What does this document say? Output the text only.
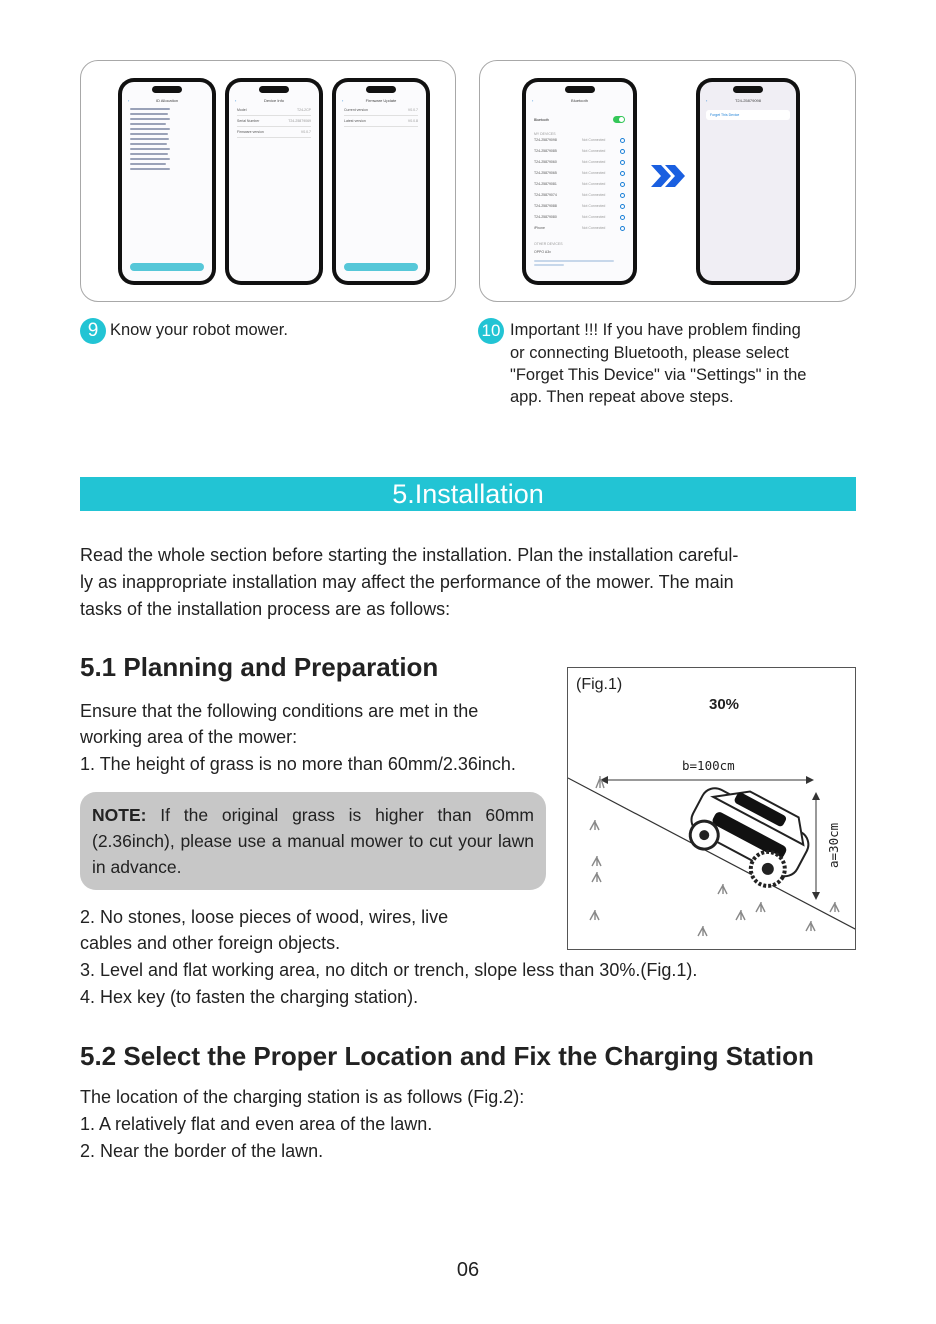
‹	ID Allocation	‹	Device Info
Model	T24-2CP
Serial Number	T24-25879069
Firmware version	V0.0.7
‹	Firmware Update
Current version	V0.0.7
Latest version	V0.0.8
‹	Bluetooth
Bluetooth
MY DEVICES
T24-25879098	Not Connected
T24-25879085	Not Connected
T24-25879060	Not Connected
T24-25879065	Not Connected
T24-25879081	Not Connected
T24-25879074	Not Connected
T24-25879088	Not Connected
T24-25879080	Not Connected
iPhone	Not Connected
OTHER DEVICES
OPPO A3x
‹	T24-25879098
Forget This Device
9 Know your robot mower.	10 Important !!! If you have problem finding
or connecting Bluetooth, please select
"Forget This Device" via "Settings" in the
app. Then repeat above steps.
5.Installation
Read the whole section before starting the installation. Plan the installation careful-
ly as inappropriate installation may affect the performance of the mower. The main
tasks of the installation process are as follows:
5.1 Planning and Preparation
Ensure that the following conditions are met in the
working area of the mower:
1. The height of grass is no more than 60mm/2.36inch.
NOTE: If the original grass is higher than 60mm (2.36inch), please use a manual mower to cut your lawn in advance.
2. No stones, loose pieces of wood, wires, live
cables and other foreign objects.
3. Level and flat working area, no ditch or trench, slope less than 30%.(Fig.1).
4. Hex key (to fasten the charging station).
(Fig.1)
30%
b=100cm
a=30cm
5.2 Select the Proper Location and Fix the Charging Station
The location of the charging station is as follows (Fig.2):
1. A relatively flat and even area of the lawn.
2. Near the border of the lawn.
06
